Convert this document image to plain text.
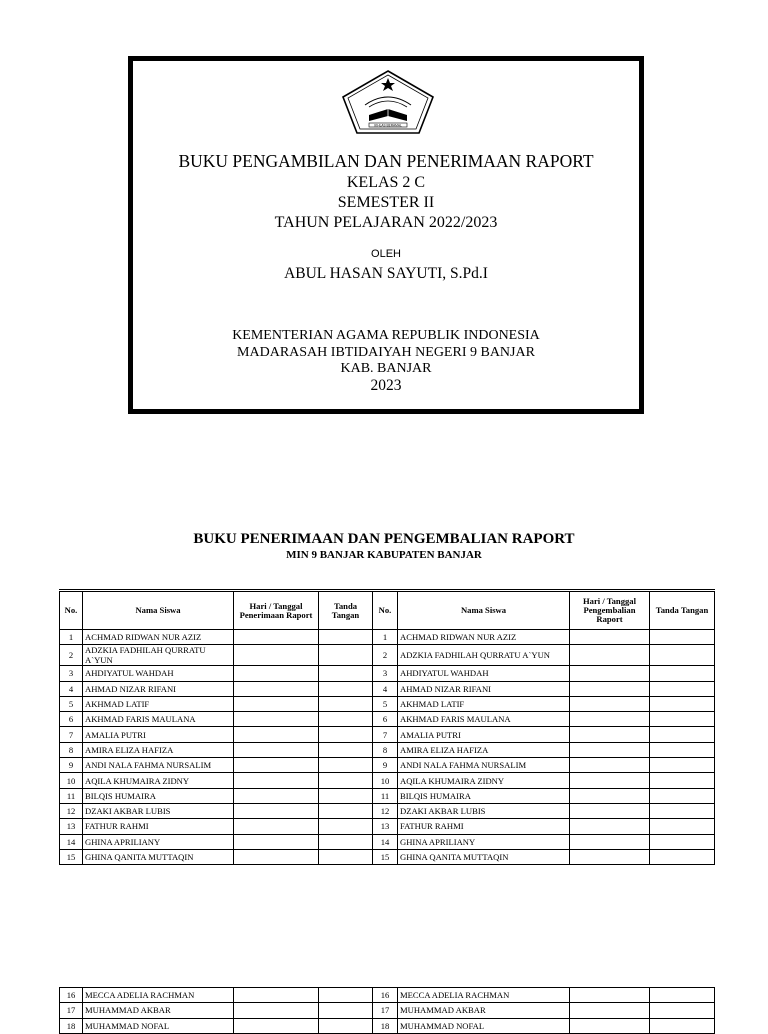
IKHLAS BERAMAL
BUKU PENGAMBILAN DAN PENERIMAAN RAPORT
KELAS 2 C
SEMESTER II
TAHUN PELAJARAN 2022/2023
OLEH
ABUL HASAN SAYUTI, S.Pd.I
KEMENTERIAN AGAMA REPUBLIK INDONESIA
MADARASAH IBTIDAIYAH NEGERI 9 BANJAR
KAB. BANJAR
2023
BUKU PENERIMAAN DAN PENGEMBALIAN RAPORT
MIN 9 BANJAR KABUPATEN BANJAR
No.	Nama Siswa	Hari / Tanggal Penerimaan Raport	Tanda Tangan	No.	Nama Siswa	Hari / Tanggal Pengembalian Raport	Tanda Tangan
1	ACHMAD RIDWAN NUR AZIZ			1	ACHMAD RIDWAN NUR AZIZ		
2	ADZKIA FADHILAH QURRATU A`YUN			2	ADZKIA FADHILAH QURRATU A`YUN		
3	AHDIYATUL WAHDAH			3	AHDIYATUL WAHDAH		
4	AHMAD NIZAR RIFANI			4	AHMAD NIZAR RIFANI		
5	AKHMAD LATIF			5	AKHMAD LATIF		
6	AKHMAD FARIS MAULANA			6	AKHMAD FARIS MAULANA		
7	AMALIA PUTRI			7	AMALIA PUTRI		
8	AMIRA ELIZA HAFIZA			8	AMIRA ELIZA HAFIZA		
9	ANDI NALA FAHMA NURSALIM			9	ANDI NALA FAHMA NURSALIM		
10	AQILA KHUMAIRA ZIDNY			10	AQILA KHUMAIRA ZIDNY		
11	BILQIS HUMAIRA			11	BILQIS HUMAIRA		
12	DZAKI AKBAR LUBIS			12	DZAKI AKBAR LUBIS		
13	FATHUR RAHMI			13	FATHUR RAHMI		
14	GHINA APRILIANY			14	GHINA APRILIANY		
15	GHINA QANITA MUTTAQIN			15	GHINA QANITA MUTTAQIN		
16	MECCA ADELIA RACHMAN			16	MECCA ADELIA RACHMAN		
17	MUHAMMAD AKBAR			17	MUHAMMAD AKBAR		
18	MUHAMMAD NOFAL			18	MUHAMMAD NOFAL		
